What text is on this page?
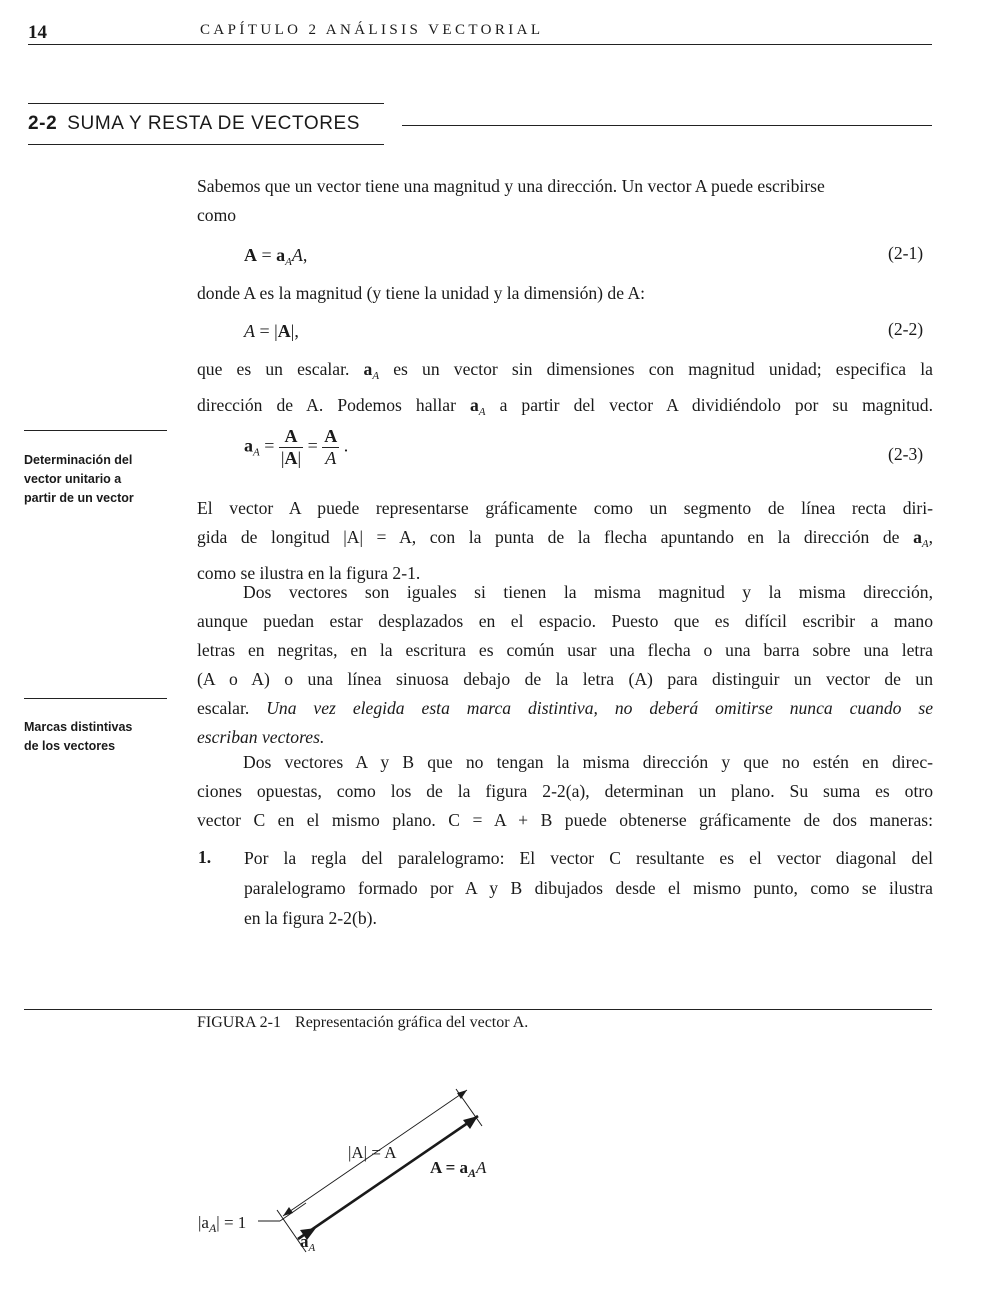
14	CAPÍTULO 2 ANÁLISIS VECTORIAL
2-2 SUMA Y RESTA DE VECTORES
Determinación del
vector unitario a
partir de un vector
Marcas distintivas
de los vectores
Sabemos que un vector tiene una magnitud y una dirección. Un vector A puede escribirse
como
$A = a_AA$,	(2-1)
donde A es la magnitud (y tiene la unidad y la dimensión) de A:
A = |A|,	(2-2)
que es un escalar. $a_A$ es un vector sin dimensiones con magnitud unidad; especifica la
dirección de A. Podemos hallar $a_A$ a partir del vector A dividiéndolo por su magnitud.
$a_A = \frac{A}{|A|} = \frac{A}{A}$ .	(2-3)
El vector A puede representarse gráficamente como un segmento de línea recta diri-
gida de longitud |A| = A, con la punta de la flecha apuntando en la dirección de $a_A$,
como se ilustra en la figura 2-1.
Dos vectores son iguales si tienen la misma magnitud y la misma dirección,
aunque puedan estar desplazados en el espacio. Puesto que es difícil escribir a mano
letras en negritas, en la escritura es común usar una flecha o una barra sobre una letra
(A o A) o una línea sinuosa debajo de la letra (A) para distinguir un vector de un
escalar. Una vez elegida esta marca distintiva, no deberá omitirse nunca cuando se
escriban vectores.
Dos vectores A y B que no tengan la misma dirección y que no estén en direc-
ciones opuestas, como los de la figura 2-2(a), determinan un plano. Su suma es otro
vector C en el mismo plano. C = A + B puede obtenerse gráficamente de dos maneras:
1. Por la regla del paralelogramo: El vector C resultante es el vector diagonal del
paralelogramo formado por A y B dibujados desde el mismo punto, como se ilustra
en la figura 2-2(b).
FIGURA 2-1 Representación gráfica del vector A.
|A| = A
$A = a_AA$
$|a_A| = 1$
$a_A$
